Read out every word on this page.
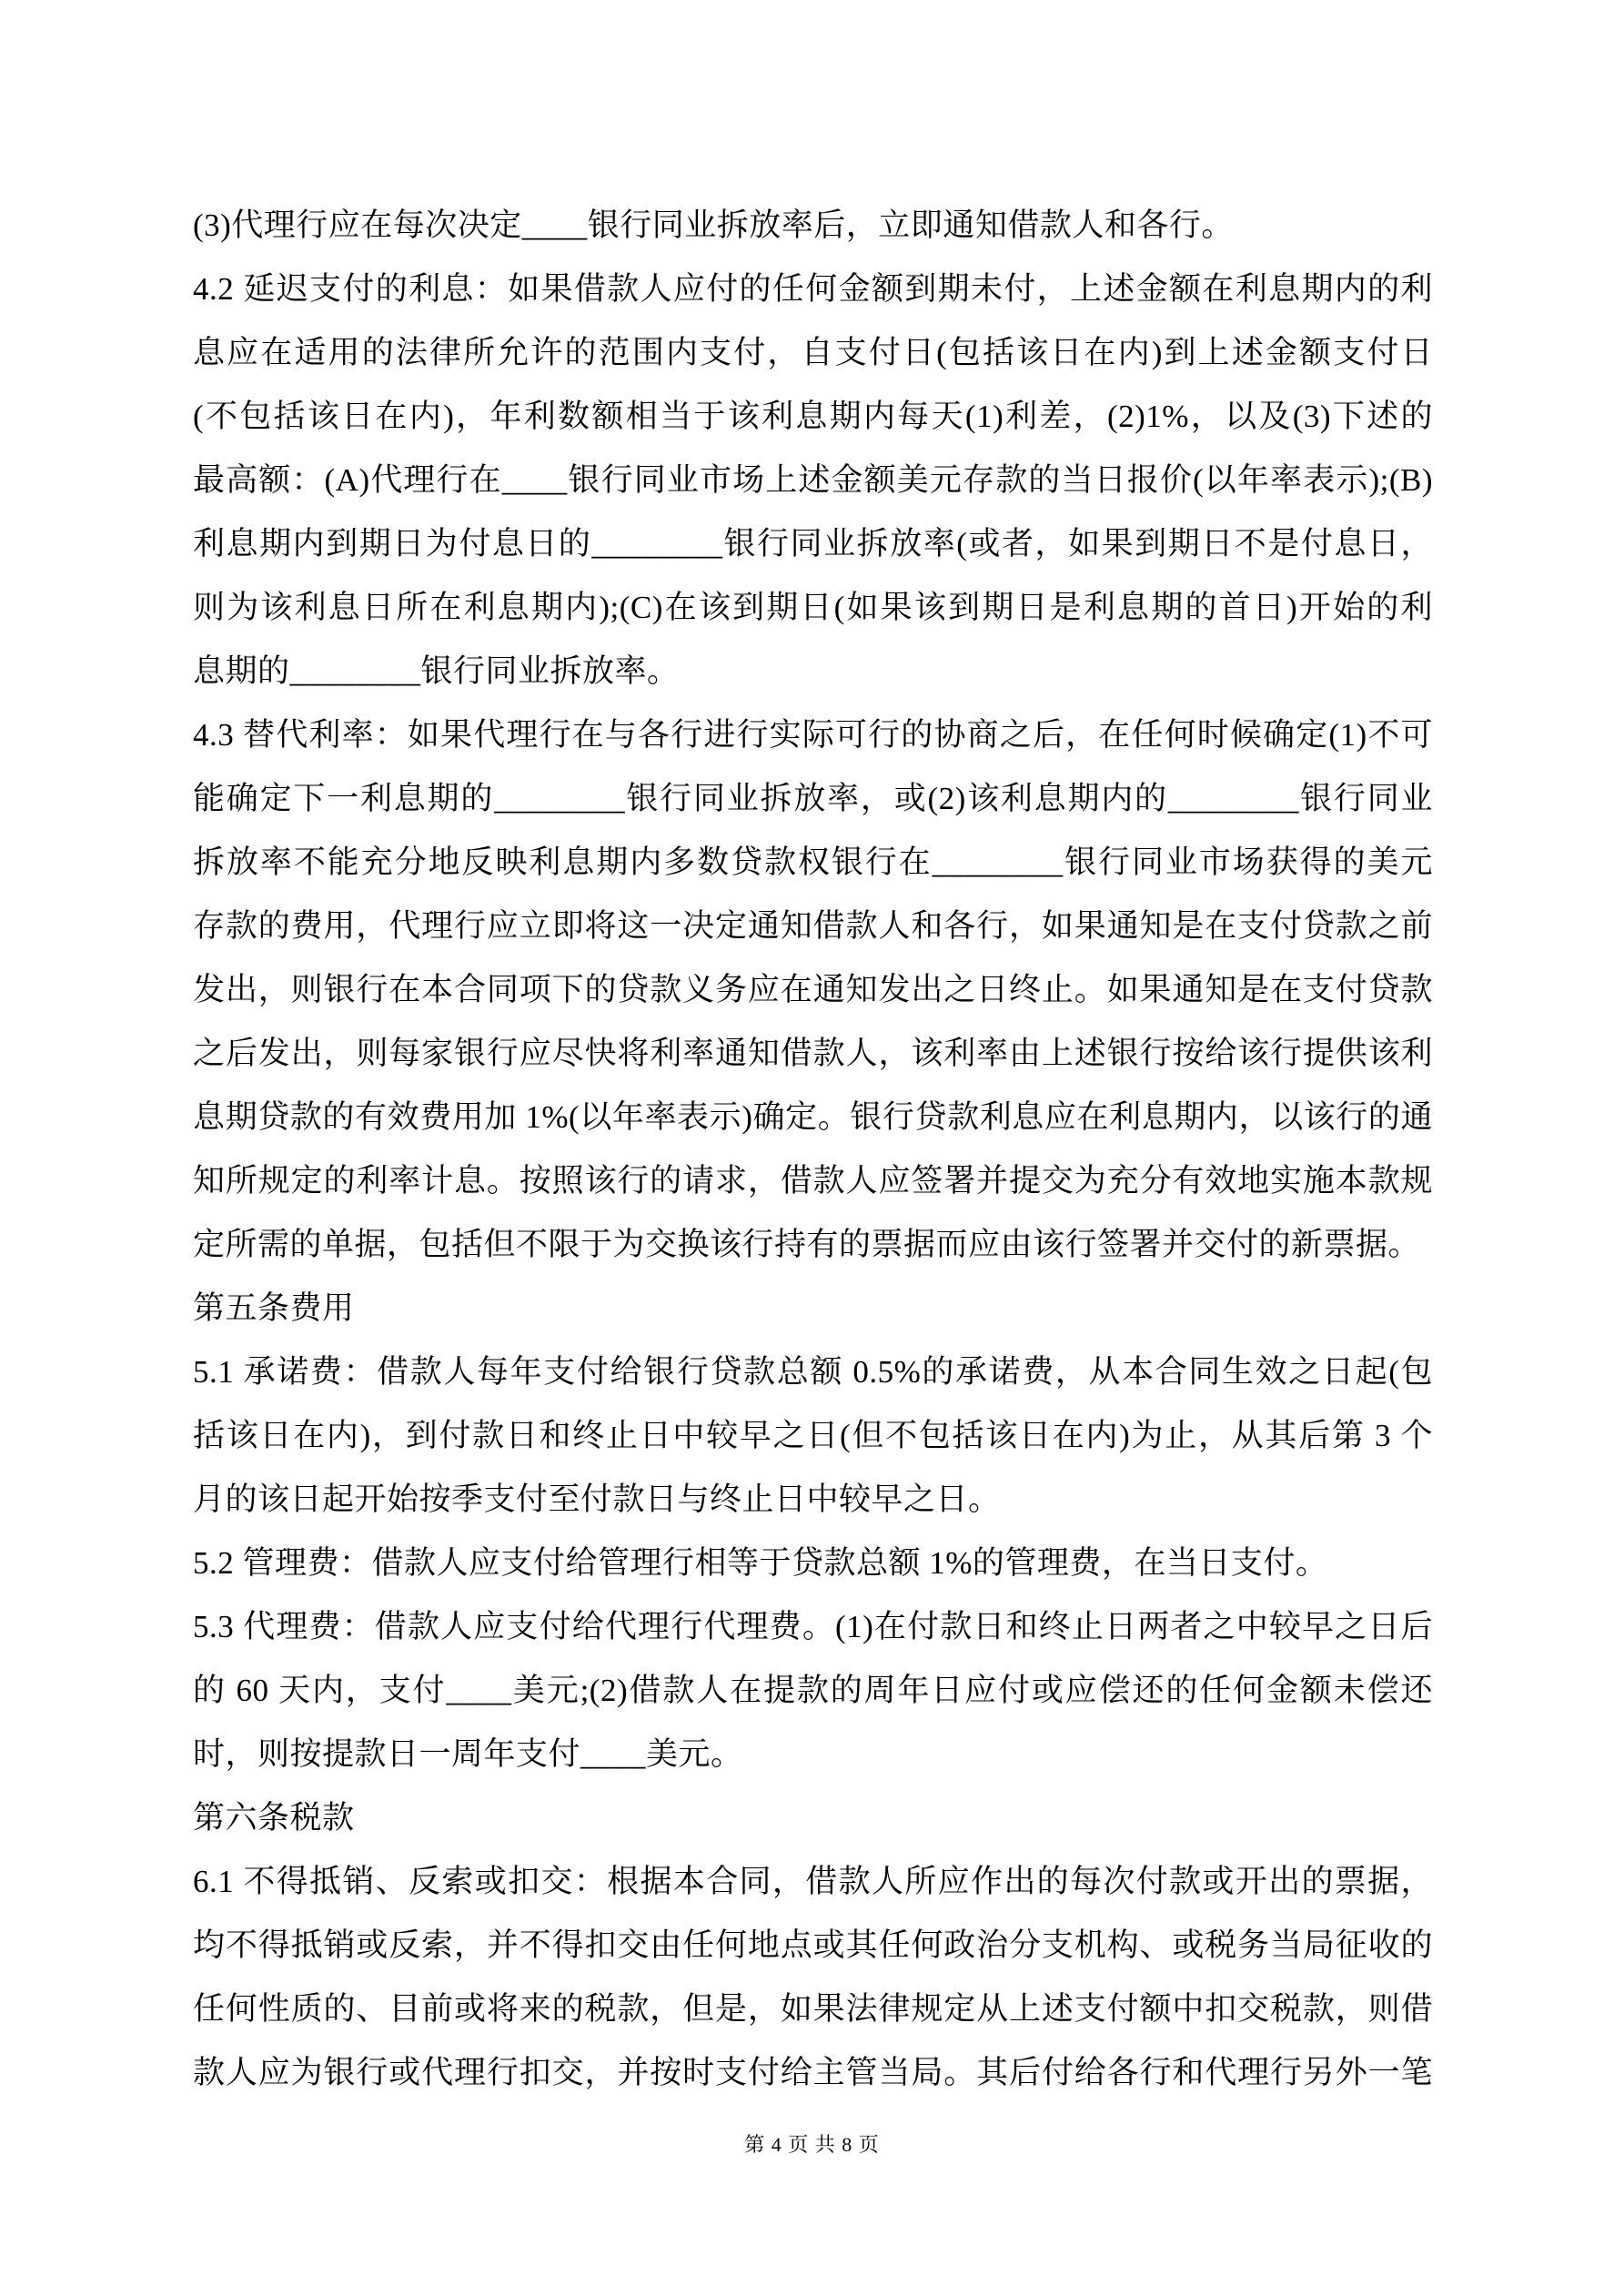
(3)代理行应在每次决定____银行同业拆放率后，立即通知借款人和各行。
4.2 延迟支付的利息：如果借款人应付的任何金额到期未付，上述金额在利息期内的利
息应在适用的法律所允许的范围内支付，自支付日(包括该日在内)到上述金额支付日
(不包括该日在内)，年利数额相当于该利息期内每天(1)利差，(2)1%，以及(3)下述的
最高额：(A)代理行在____银行同业市场上述金额美元存款的当日报价(以年率表示);(B)
利息期内到期日为付息日的________银行同业拆放率(或者，如果到期日不是付息日，
则为该利息日所在利息期内);(C)在该到期日(如果该到期日是利息期的首日)开始的利
息期的________银行同业拆放率。
4.3 替代利率：如果代理行在与各行进行实际可行的协商之后，在任何时候确定(1)不可
能确定下一利息期的________银行同业拆放率，或(2)该利息期内的________银行同业
拆放率不能充分地反映利息期内多数贷款权银行在________银行同业市场获得的美元
存款的费用，代理行应立即将这一决定通知借款人和各行，如果通知是在支付贷款之前
发出，则银行在本合同项下的贷款义务应在通知发出之日终止。如果通知是在支付贷款
之后发出，则每家银行应尽快将利率通知借款人，该利率由上述银行按给该行提供该利
息期贷款的有效费用加 1%(以年率表示)确定。银行贷款利息应在利息期内，以该行的通
知所规定的利率计息。按照该行的请求，借款人应签署并提交为充分有效地实施本款规
定所需的单据，包括但不限于为交换该行持有的票据而应由该行签署并交付的新票据。
第五条费用
5.1 承诺费：借款人每年支付给银行贷款总额 0.5%的承诺费，从本合同生效之日起(包
括该日在内)，到付款日和终止日中较早之日(但不包括该日在内)为止，从其后第 3 个
月的该日起开始按季支付至付款日与终止日中较早之日。
5.2 管理费：借款人应支付给管理行相等于贷款总额 1%的管理费，在当日支付。
5.3 代理费：借款人应支付给代理行代理费。(1)在付款日和终止日两者之中较早之日后
的 60 天内，支付____美元;(2)借款人在提款的周年日应付或应偿还的任何金额未偿还
时，则按提款日一周年支付____美元。
第六条税款
6.1 不得抵销、反索或扣交：根据本合同，借款人所应作出的每次付款或开出的票据，
均不得抵销或反索，并不得扣交由任何地点或其任何政治分支机构、或税务当局征收的
任何性质的、目前或将来的税款，但是，如果法律规定从上述支付额中扣交税款，则借
款人应为银行或代理行扣交，并按时支付给主管当局。其后付给各行和代理行另外一笔
第 4 页 共 8 页
